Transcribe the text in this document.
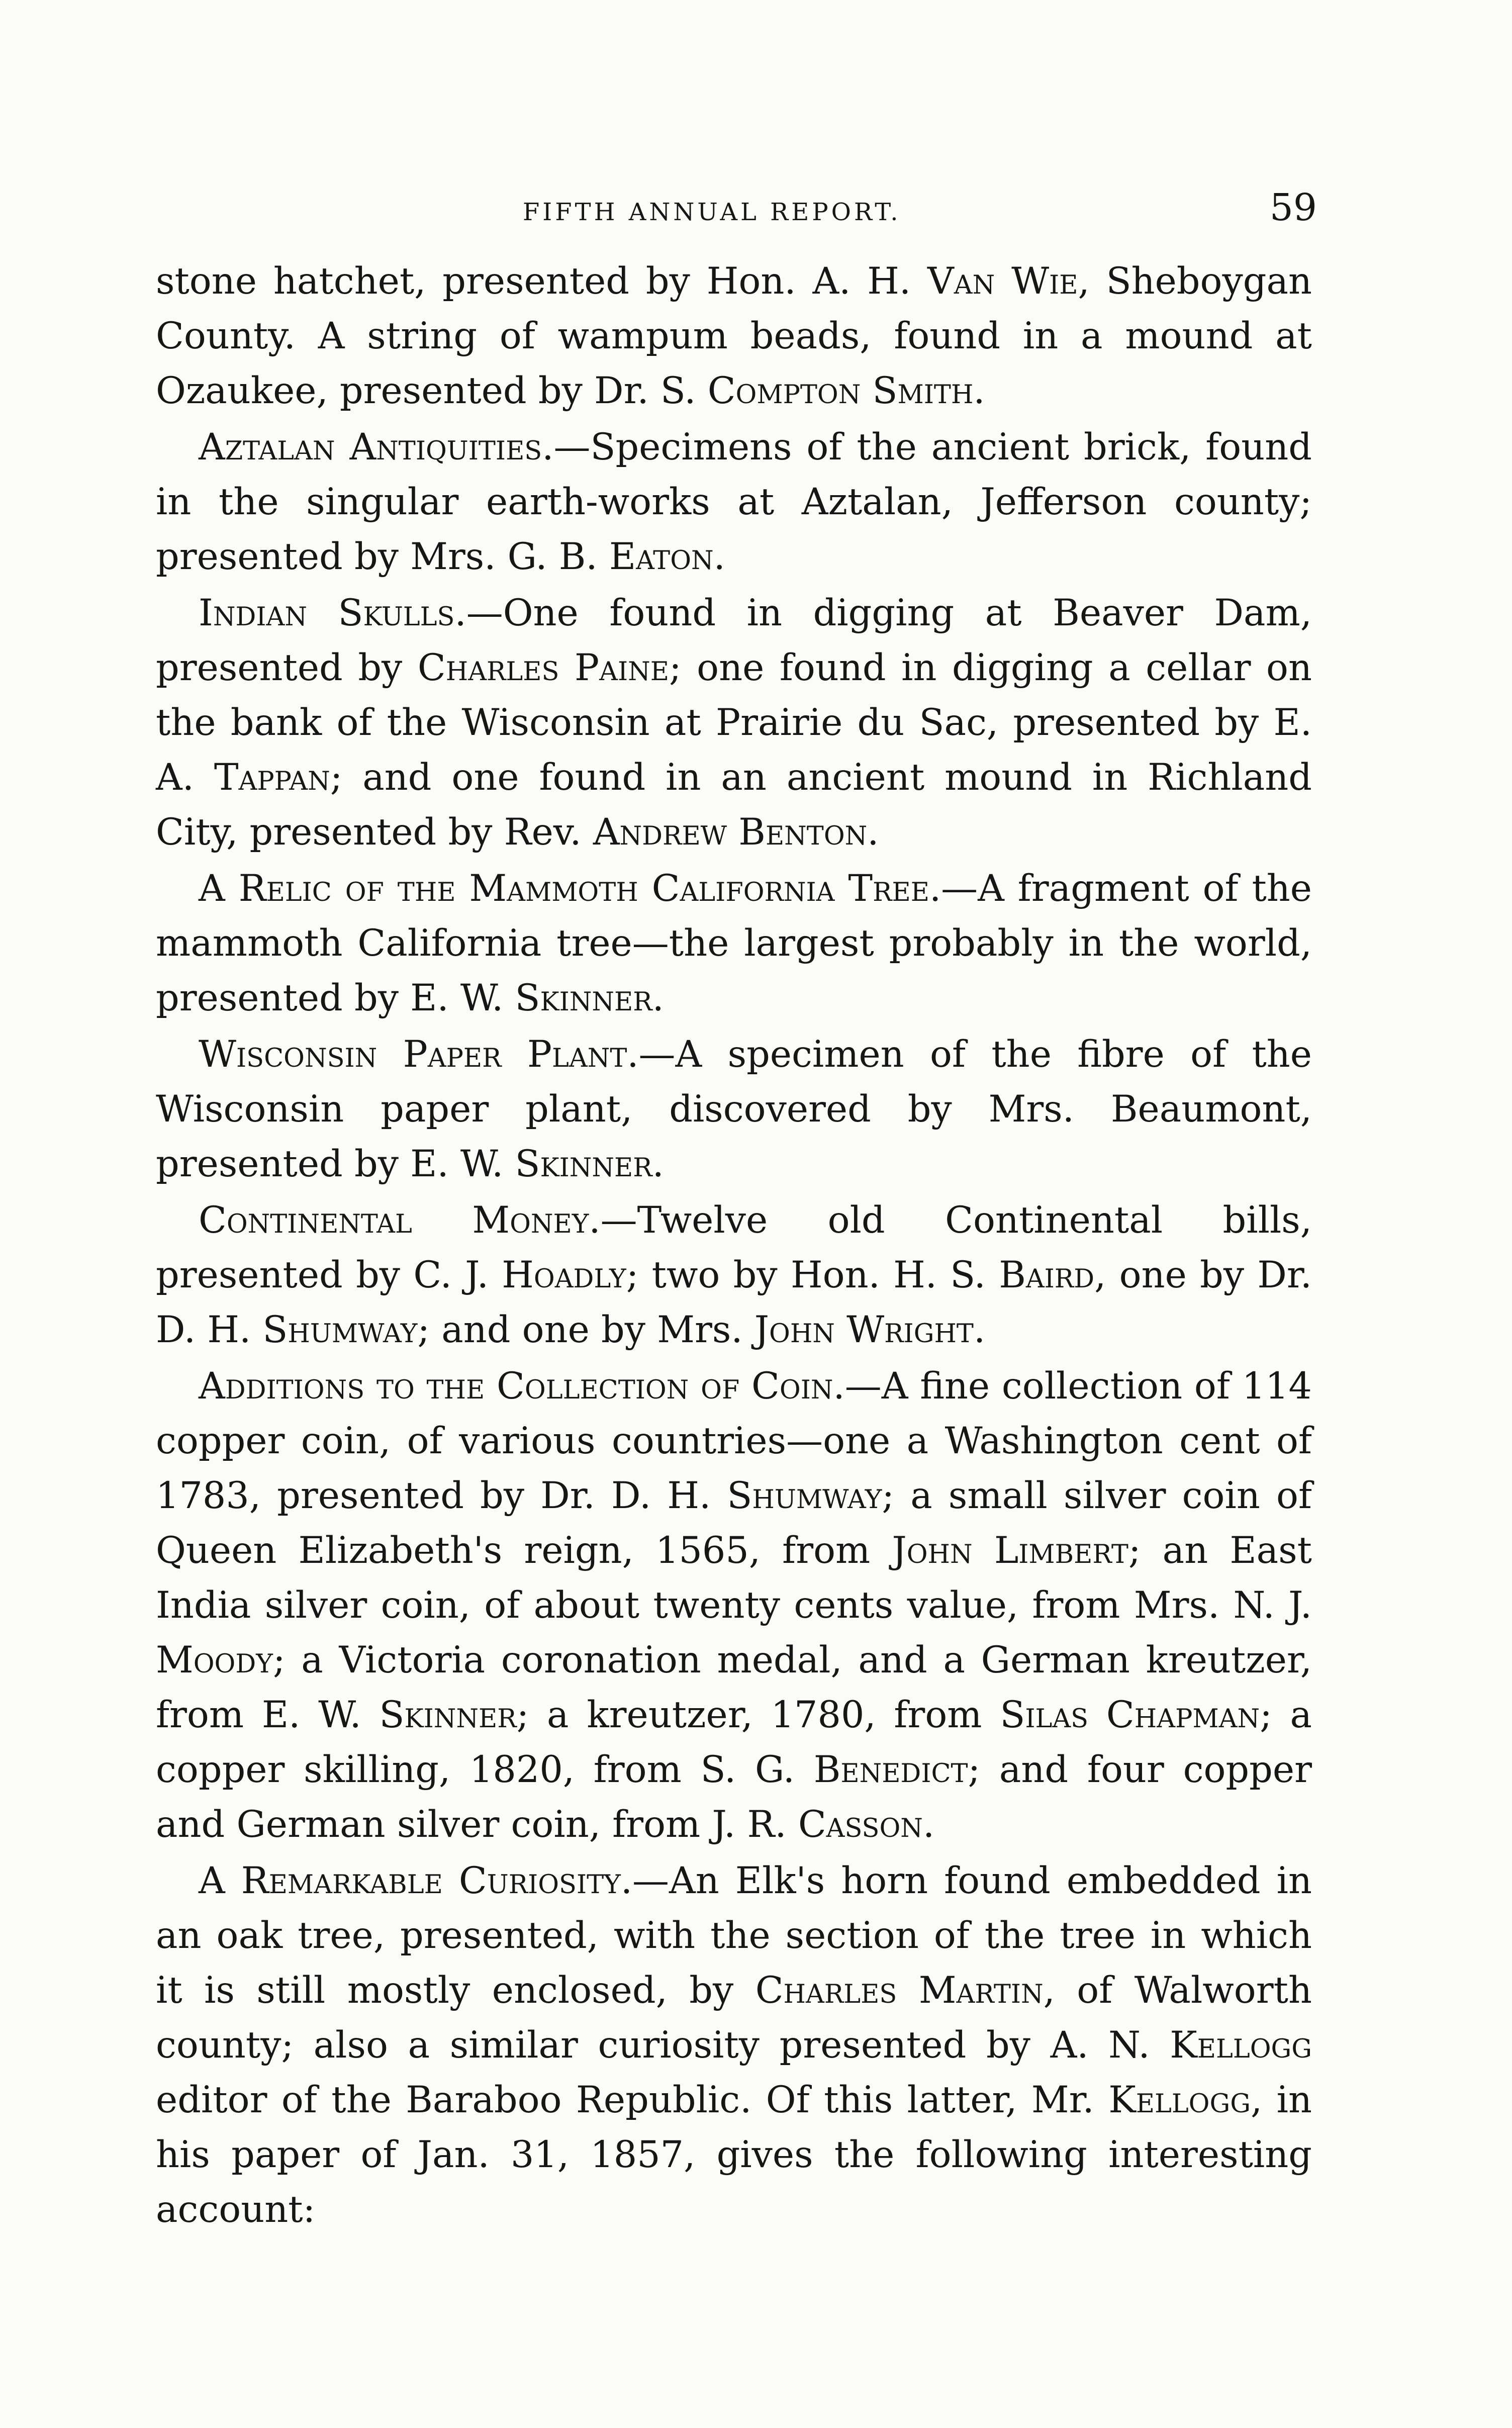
FIFTH ANNUAL REPORT.	59

stone hatchet, presented by Hon. A. H. Van Wie, Sheboygan County. A string of wampum beads, found in a mound at Ozaukee, presented by Dr. S. Compton Smith.

Aztalan Antiquities.—Specimens of the ancient brick, found in the singular earth-works at Aztalan, Jefferson county; presented by Mrs. G. B. Eaton.

Indian Skulls.—One found in digging at Beaver Dam, presented by Charles Paine; one found in digging a cellar on the bank of the Wisconsin at Prairie du Sac, presented by E. A. Tappan; and one found in an ancient mound in Richland City, presented by Rev. Andrew Benton.

A Relic of the Mammoth California Tree.—A fragment of the mammoth California tree—the largest probably in the world, presented by E. W. Skinner.

Wisconsin Paper Plant.—A specimen of the fibre of the Wisconsin paper plant, discovered by Mrs. Beaumont, presented by E. W. Skinner.

Continental Money.—Twelve old Continental bills, presented by C. J. Hoadly; two by Hon. H. S. Baird, one by Dr. D. H. Shumway; and one by Mrs. John Wright.

Additions to the Collection of Coin.—A fine collection of 114 copper coin, of various countries—one a Washington cent of 1783, presented by Dr. D. H. Shumway; a small silver coin of Queen Elizabeth's reign, 1565, from John Limbert; an East India silver coin, of about twenty cents value, from Mrs. N. J. Moody; a Victoria coronation medal, and a German kreutzer, from E. W. Skinner; a kreutzer, 1780, from Silas Chapman; a copper skilling, 1820, from S. G. Benedict; and four copper and German silver coin, from J. R. Casson.

A Remarkable Curiosity.—An Elk's horn found embedded in an oak tree, presented, with the section of the tree in which it is still mostly enclosed, by Charles Martin, of Walworth county; also a similar curiosity presented by A. N. Kellogg editor of the Baraboo Republic. Of this latter, Mr. Kellogg, in his paper of Jan. 31, 1857, gives the following interesting account:
